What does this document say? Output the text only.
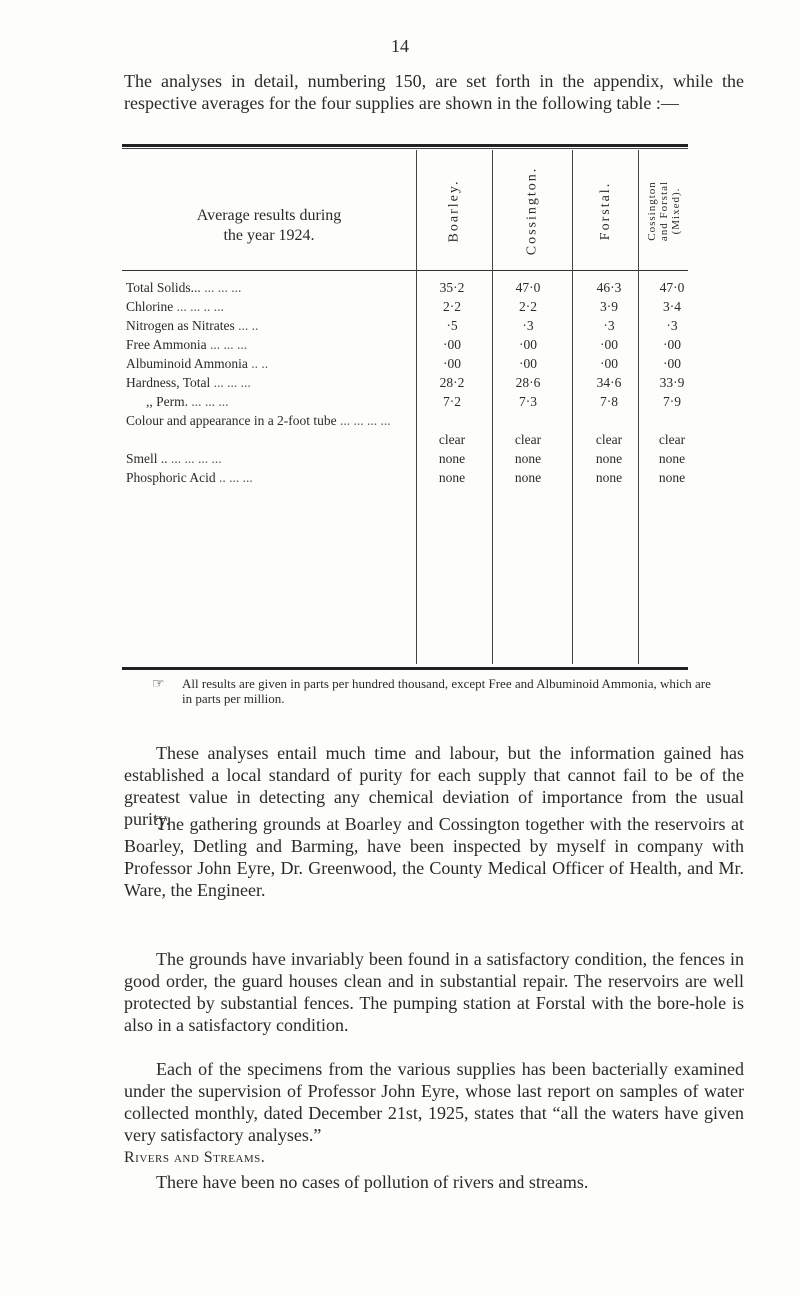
14
The analyses in detail, numbering 150, are set forth in the appendix, while the respective averages for the four supplies are shown in the following table :—
Average results during
the year 1924.	Boarley.	Cossington.	Forstal.	Cossington and Forstal (Mixed).
Total Solids... ... ... ...	35·2	47·0	46·3	47·0
Chlorine ... ... .. ...	2·2	2·2	3·9	3·4
Nitrogen as Nitrates ... ..	·5	·3	·3	·3
Free Ammonia ... ... ...	·00	·00	·00	·00
Albuminoid Ammonia .. ..	·00	·00	·00	·00
Hardness, Total ... ... ...	28·2	28·6	34·6	33·9
,, Perm. ... ... ...	7·2	7·3	7·8	7·9
Colour and appearance in a 2-foot tube ... ... ... ...
clear	clear	clear	clear
Smell .. ... ... ... ...	none	none	none	none
Phosphoric Acid .. ... ...	none	none	none	none
☞ All results are given in parts per hundred thousand, except Free and Albuminoid Ammonia, which are in parts per million.

These analyses entail much time and labour, but the information gained has established a local standard of purity for each supply that cannot fail to be of the greatest value in detecting any chemical deviation of importance from the usual purity.

The gathering grounds at Boarley and Cossington together with the reservoirs at Boarley, Detling and Barming, have been inspected by myself in company with Professor John Eyre, Dr. Greenwood, the County Medical Officer of Health, and Mr. Ware, the Engineer.

The grounds have invariably been found in a satisfactory condition, the fences in good order, the guard houses clean and in substantial repair. The reservoirs are well protected by substantial fences. The pumping station at Forstal with the bore-hole is also in a satisfactory condition.

Each of the specimens from the various supplies has been bacterially examined under the supervision of Professor John Eyre, whose last report on samples of water collected monthly, dated December 21st, 1925, states that “all the waters have given very satisfactory analyses.”

Rivers and Streams.

There have been no cases of pollution of rivers and streams.
